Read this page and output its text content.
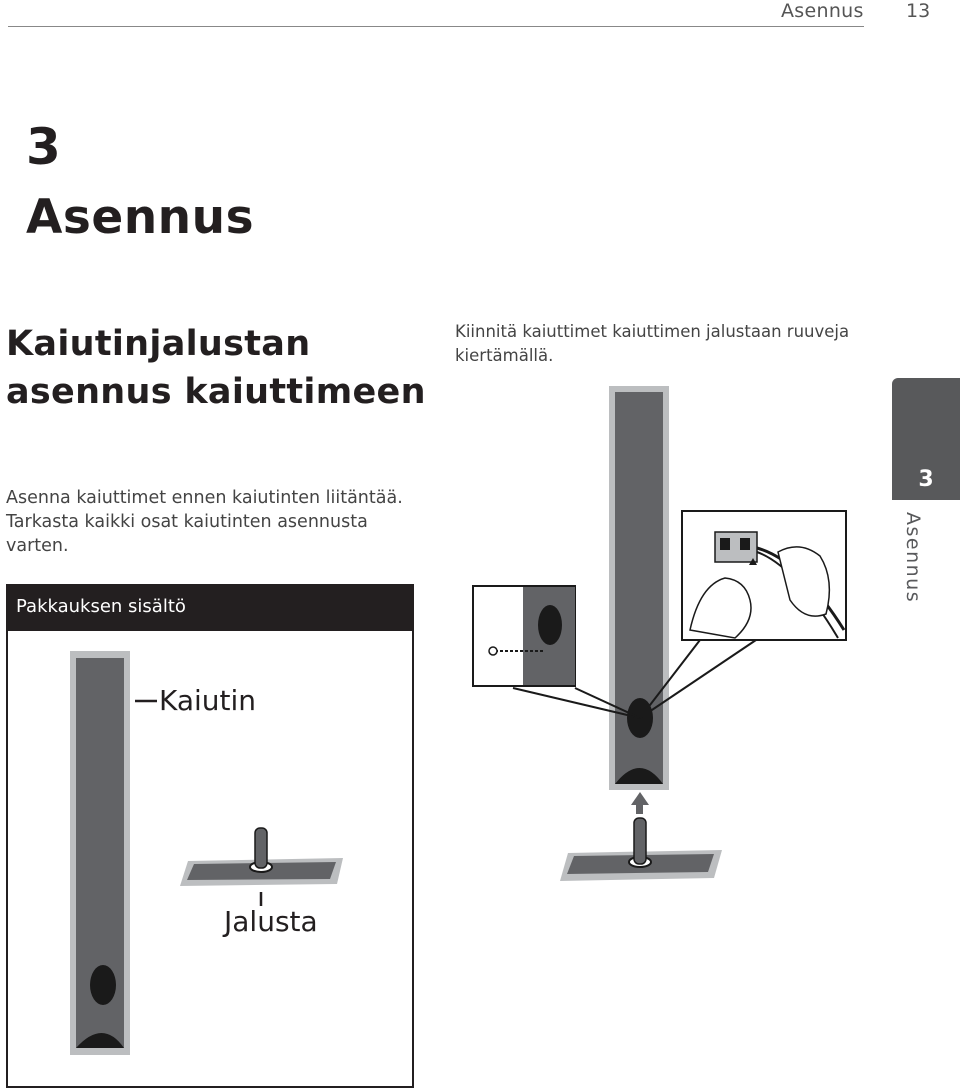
Asennus 13
3
Asennus
Kaiutinjalustan
asennus kaiuttimeen
Kiinnitä kaiuttimet kaiuttimen jalustaan ruuveja kiertämällä.
3
Asennus
Asenna kaiuttimet ennen kaiutinten liitäntää. Tarkasta kaikki osat kaiutinten asennusta varten.
Pakkauksen sisältö
Kaiutin
Jalusta
